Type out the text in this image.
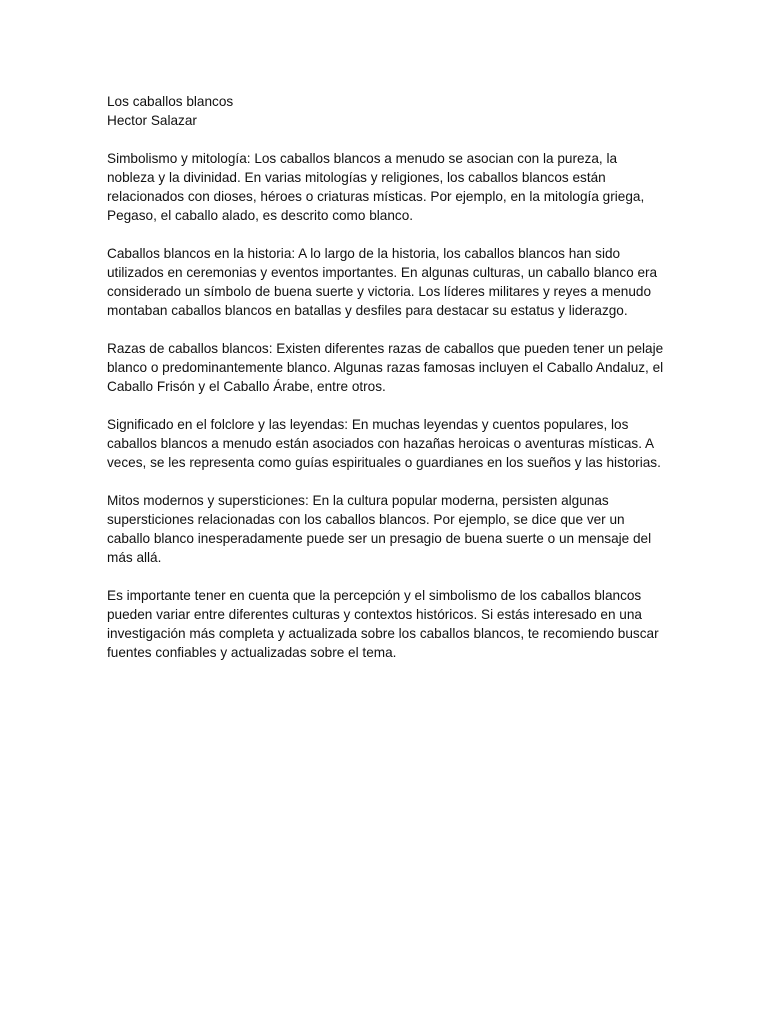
Los caballos blancos

Hector Salazar

Simbolismo y mitología: Los caballos blancos a menudo se asocian con la pureza, la nobleza y la divinidad. En varias mitologías y religiones, los caballos blancos están relacionados con dioses, héroes o criaturas místicas. Por ejemplo, en la mitología griega, Pegaso, el caballo alado, es descrito como blanco.

Caballos blancos en la historia: A lo largo de la historia, los caballos blancos han sido utilizados en ceremonias y eventos importantes. En algunas culturas, un caballo blanco era considerado un símbolo de buena suerte y victoria. Los líderes militares y reyes a menudo montaban caballos blancos en batallas y desfiles para destacar su estatus y liderazgo.

Razas de caballos blancos: Existen diferentes razas de caballos que pueden tener un pelaje blanco o predominantemente blanco. Algunas razas famosas incluyen el Caballo Andaluz, el Caballo Frisón y el Caballo Árabe, entre otros.

Significado en el folclore y las leyendas: En muchas leyendas y cuentos populares, los caballos blancos a menudo están asociados con hazañas heroicas o aventuras místicas. A veces, se les representa como guías espirituales o guardianes en los sueños y las historias.

Mitos modernos y supersticiones: En la cultura popular moderna, persisten algunas supersticiones relacionadas con los caballos blancos. Por ejemplo, se dice que ver un caballo blanco inesperadamente puede ser un presagio de buena suerte o un mensaje del más allá.

Es importante tener en cuenta que la percepción y el simbolismo de los caballos blancos pueden variar entre diferentes culturas y contextos históricos. Si estás interesado en una investigación más completa y actualizada sobre los caballos blancos, te recomiendo buscar fuentes confiables y actualizadas sobre el tema.
